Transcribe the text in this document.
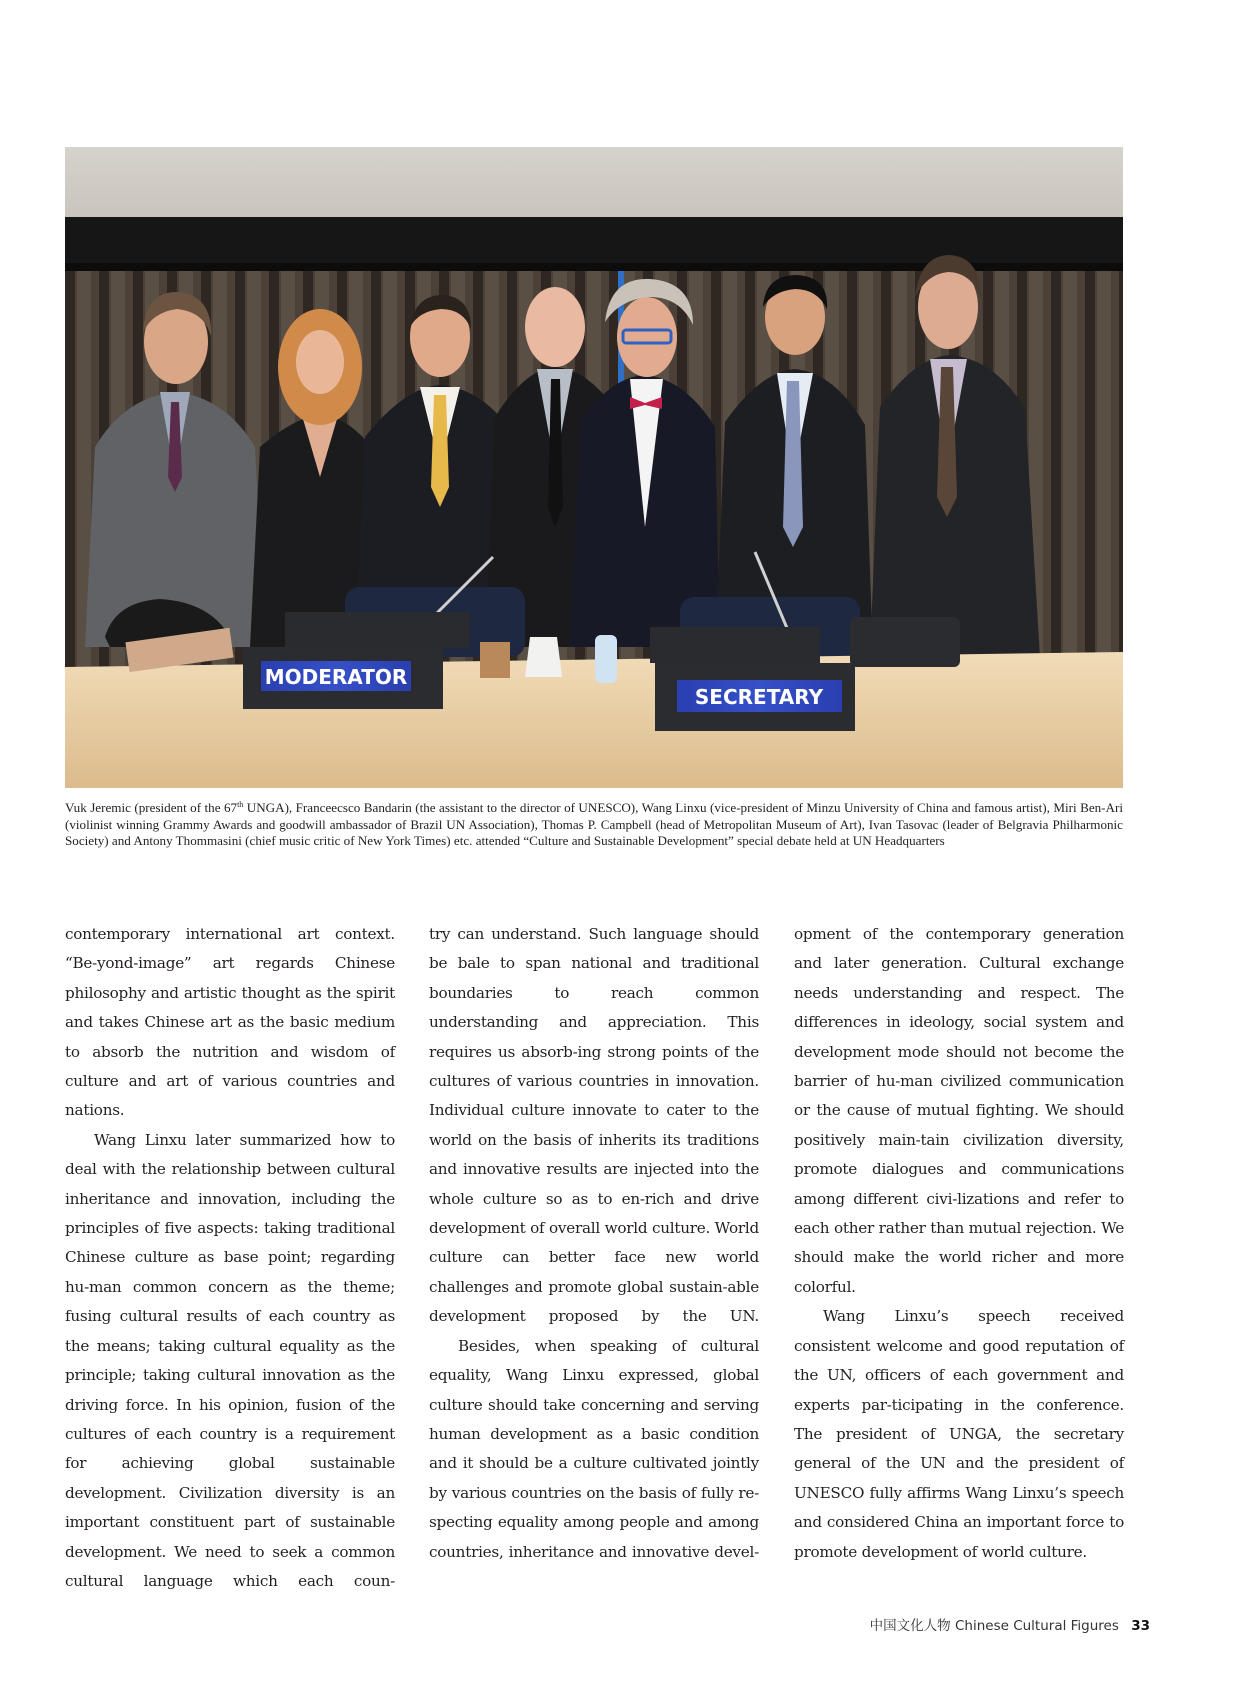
MODERATOR
SECRETARY
Vuk Jeremic (president of the 67th UNGA), Franceecsco Bandarin (the assistant to the director of UNESCO), Wang Linxu (vice-president of Minzu University of China and famous artist), Miri Ben-Ari (violinist winning Grammy Awards and goodwill ambassador of Brazil UN Association), Thomas P. Campbell (head of Metropolitan Museum of Art), Ivan Tasovac (leader of Belgravia Philharmonic Society) and Antony Thommasini (chief music critic of New York Times) etc. attended “Culture and Sustainable Development” special debate held at UN Headquarters

contemporary international art context. “Be-yond-image” art regards Chinese philosophy and artistic thought as the spirit and takes Chinese art as the basic medium to absorb the nutrition and wisdom of culture and art of various countries and nations.

Wang Linxu later summarized how to deal with the relationship between cultural inheritance and innovation, including the principles of five aspects: taking traditional Chinese culture as base point; regarding hu-man common concern as the theme; fusing cultural results of each country as the means; taking cultural equality as the principle; taking cultural innovation as the driving force. In his opinion, fusion of the cultures of each country is a requirement for achieving global sustainable development. Civilization diversity is an important constituent part of sustainable development. We need to seek a common cultural language which each coun-

try can understand. Such language should be bale to span national and traditional boundaries to reach common understanding and appreciation. This requires us absorb-ing strong points of the cultures of various countries in innovation. Individual culture innovate to cater to the world on the basis of inherits its traditions and innovative results are injected into the whole culture so as to en-rich and drive development of overall world culture. World culture can better face new world challenges and promote global sustain-able development proposed by the UN.

Besides, when speaking of cultural equality, Wang Linxu expressed, global culture should take concerning and serving human development as a basic condition and it should be a culture cultivated jointly by various countries on the basis of fully re-specting equality among people and among countries, inheritance and innovative devel-

opment of the contemporary generation and later generation. Cultural exchange needs understanding and respect. The differences in ideology, social system and development mode should not become the barrier of hu-man civilized communication or the cause of mutual fighting. We should positively main-tain civilization diversity, promote dialogues and communications among different civi-lizations and refer to each other rather than mutual rejection. We should make the world richer and more colorful.

Wang Linxu’s speech received consistent welcome and good reputation of the UN, officers of each government and experts par-ticipating in the conference. The president of UNGA, the secretary general of the UN and the president of UNESCO fully affirms Wang Linxu’s speech and considered China an important force to promote development of world culture.

中国文化人物 Chinese Cultural Figures 33
